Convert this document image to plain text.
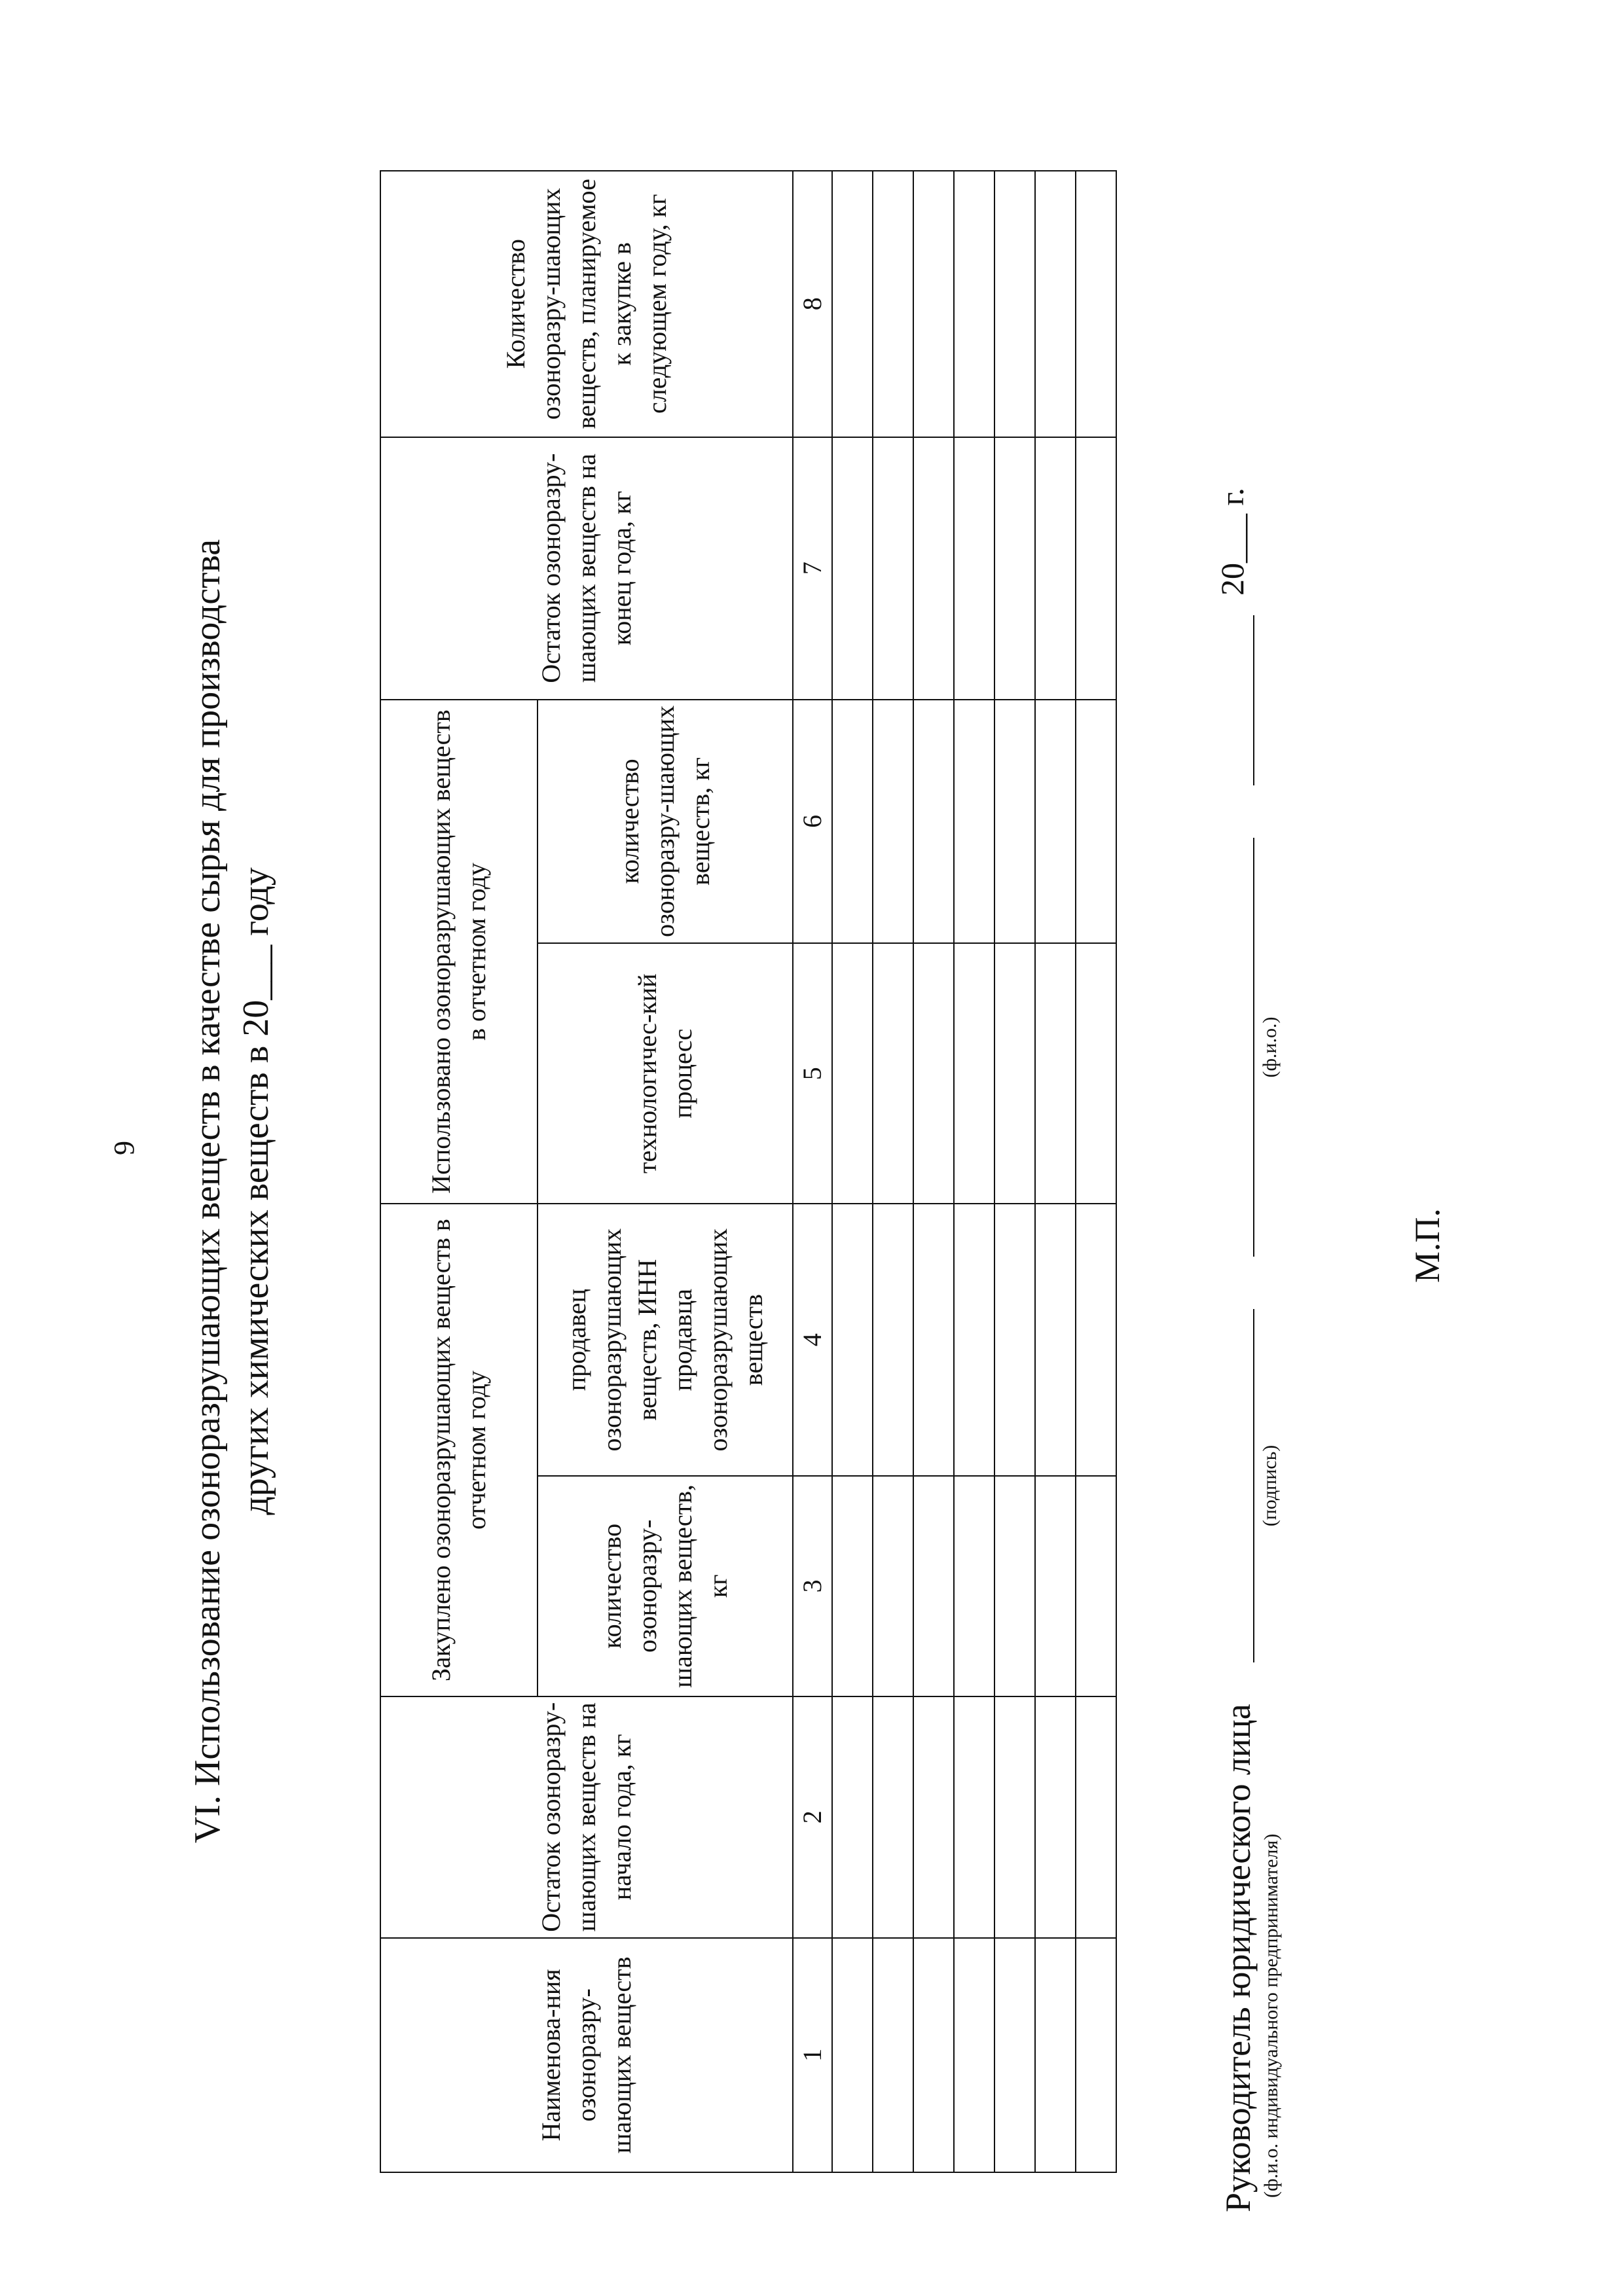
9 VI. Использование озоноразрушающих веществ в качестве сырья для производства других химических веществ в 20___ году
Наименова-ния озоноразру-шающих веществ	Остаток озоноразру-шающих веществ на начало года, кг	Закуплено озоноразрушающих веществ в отчетном году		Использовано озоноразрушающих веществ в отчетном году		Остаток озоноразру-шающих веществ на конец года, кг	Количество озоноразру-шающих веществ, планируемое к закупке в следующем году, кг
		количество озоноразру-шающих веществ, кг	продавец озоноразрушающих веществ, ИНН продавца озоноразрушающих веществ	технологичес-кий процесс	количество озоноразру-шающих веществ, кг		
1	2	3	4	5	6	7	8

Руководитель юридического лица (ф.и.о. индивидуального предпринимателя)
(подпись)
(ф.и.о.)
20___ г.
М.П.
